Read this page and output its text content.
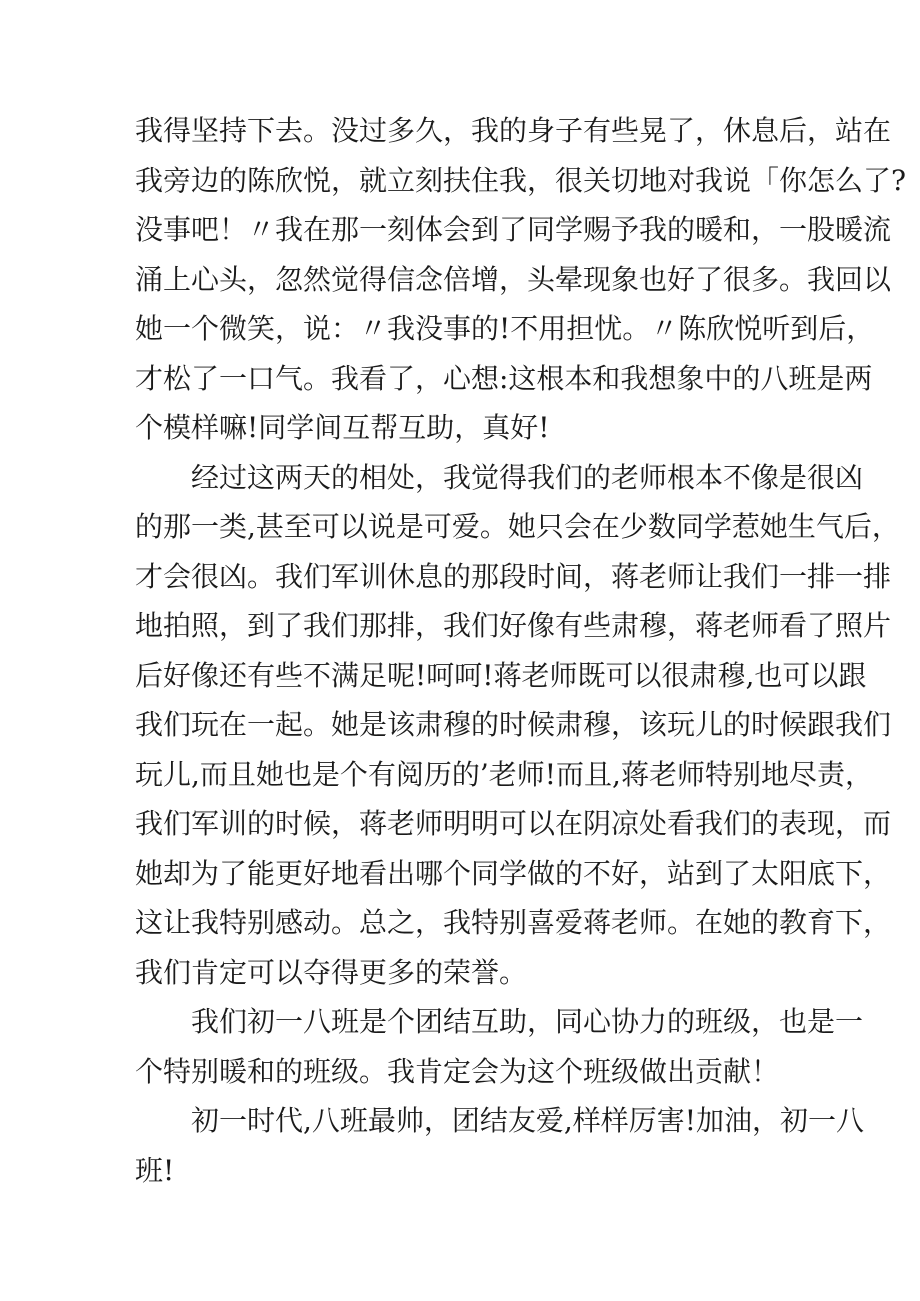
我得坚持下去。没过多久，我的身子有些晃了，休息后，站在
我旁边的陈欣悦，就立刻扶住我，很关切地对我说「你怎么了?
没事吧！〃我在那一刻体会到了同学赐予我的暖和，一股暖流
涌上心头，忽然觉得信念倍增，头晕现象也好了很多。我回以
她一个微笑，说：〃我没事的!不用担忧。〃陈欣悦听到后，
才松了一口气。我看了，心想:这根本和我想象中的八班是两
个模样嘛!同学间互帮互助，真好!
经过这两天的相处，我觉得我们的老师根本不像是很凶
的那一类,甚至可以说是可爱。她只会在少数同学惹她生气后，
才会很凶。我们军训休息的那段时间，蒋老师让我们一排一排
地拍照，到了我们那排，我们好像有些肃穆，蒋老师看了照片
后好像还有些不满足呢!呵呵!蒋老师既可以很肃穆,也可以跟
我们玩在一起。她是该肃穆的时候肃穆，该玩儿的时候跟我们
玩儿,而且她也是个有阅历的’老师!而且,蒋老师特别地尽责，
我们军训的时候，蒋老师明明可以在阴凉处看我们的表现，而
她却为了能更好地看出哪个同学做的不好，站到了太阳底下，
这让我特别感动。总之，我特别喜爱蒋老师。在她的教育下，
我们肯定可以夺得更多的荣誉。
我们初一八班是个团结互助，同心协力的班级，也是一
个特别暖和的班级。我肯定会为这个班级做出贡献！
初一时代,八班最帅，团结友爱,样样厉害!加油，初一八
班!
